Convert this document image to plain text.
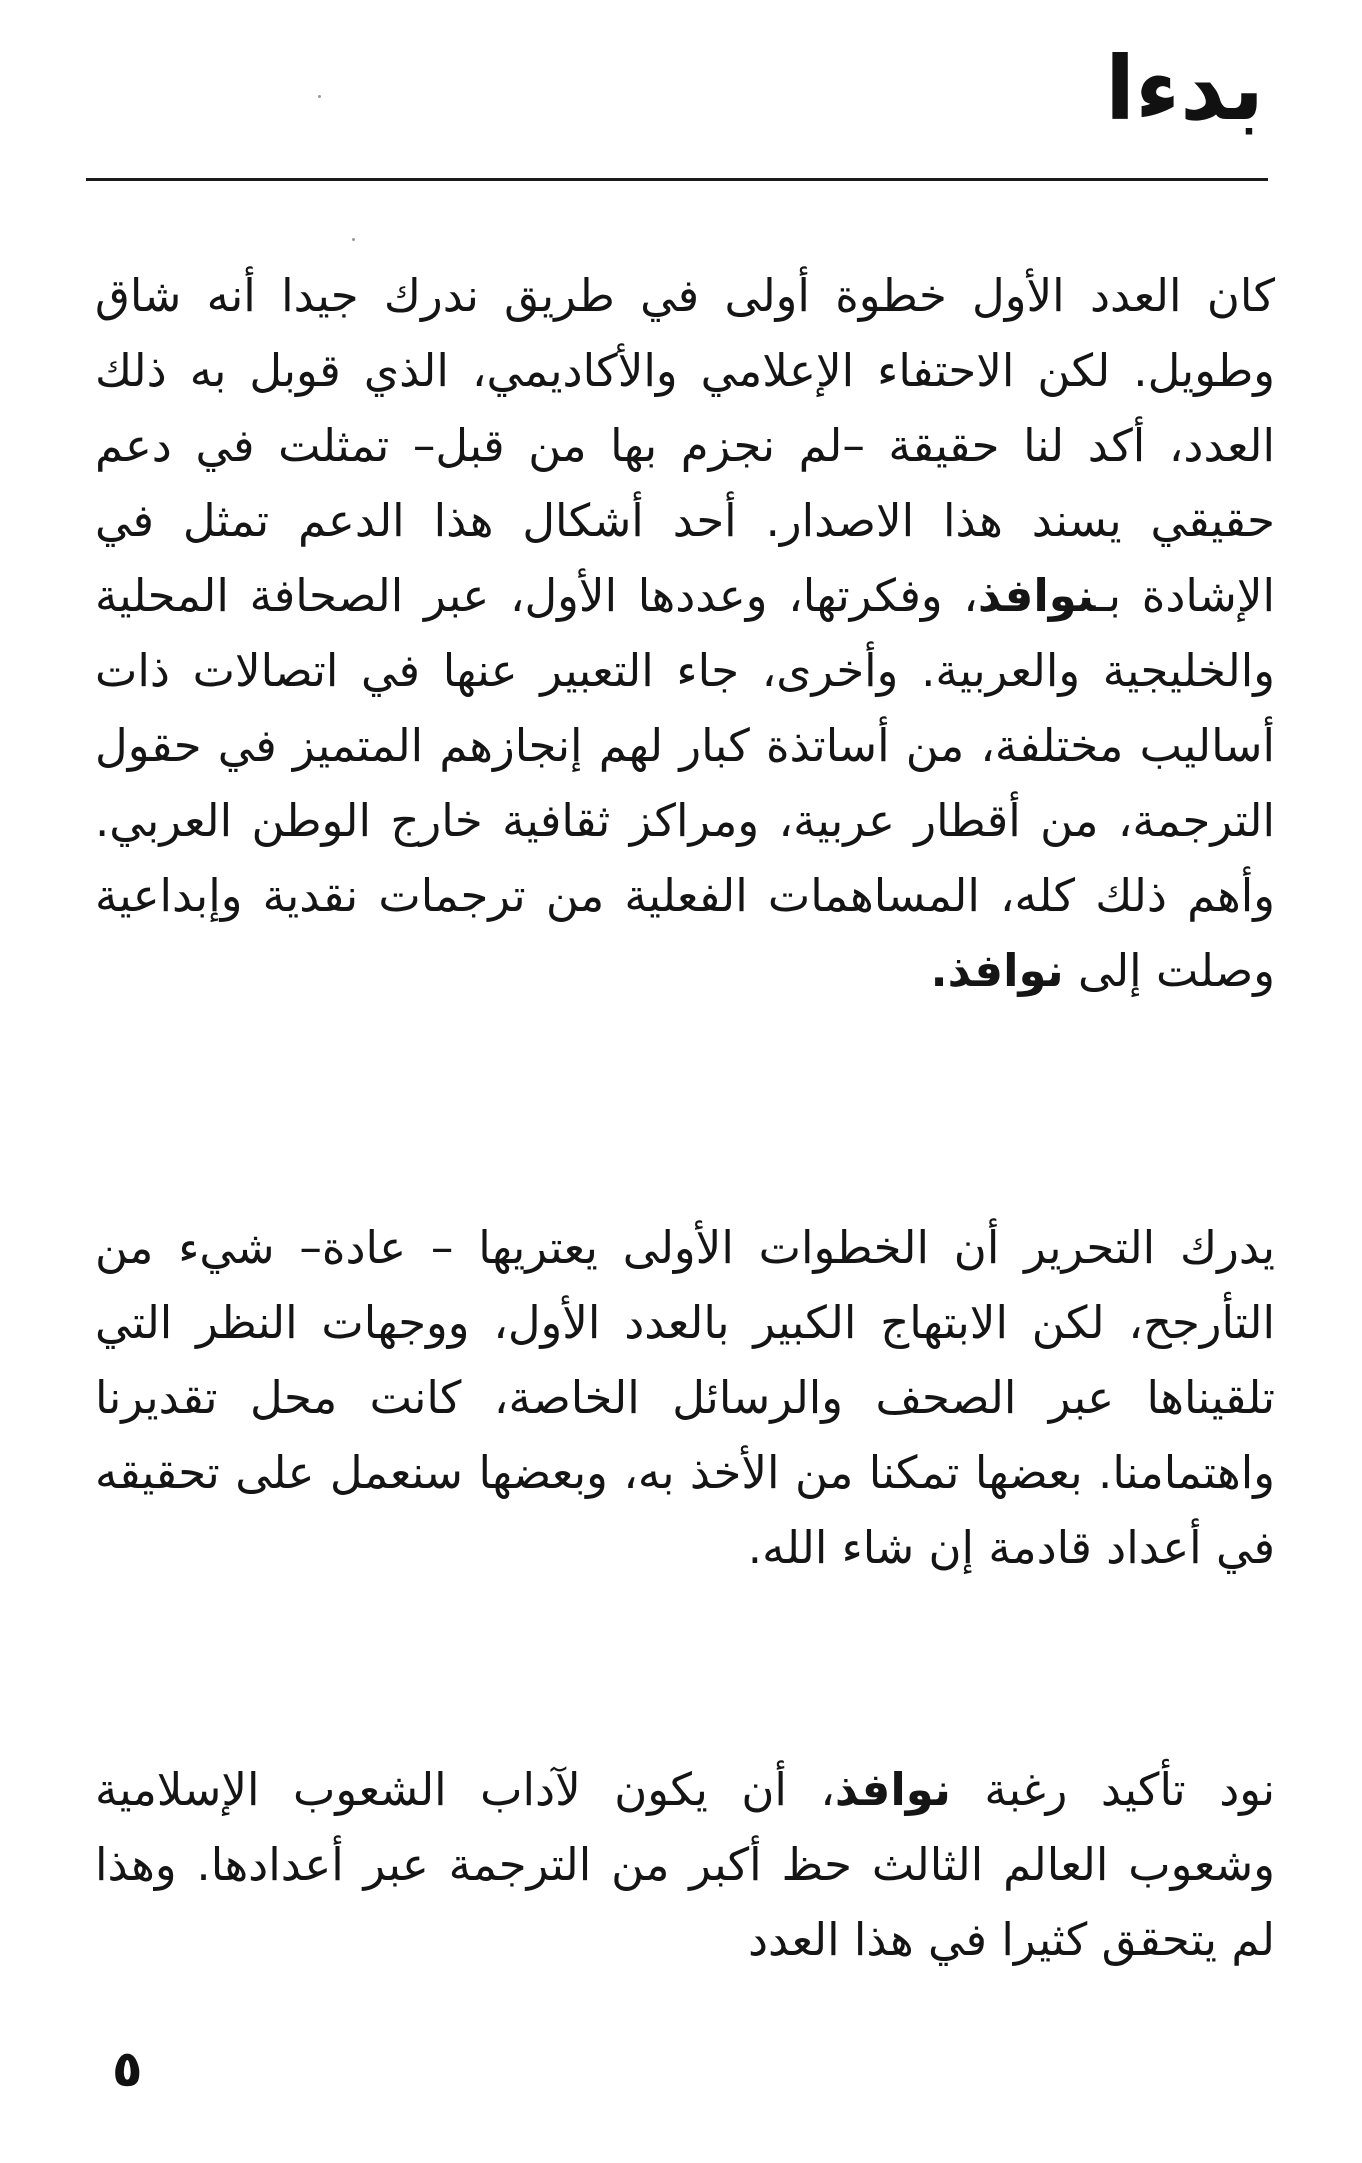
بدءا
كان العدد الأول خطوة أولى في طريق ندرك جيدا أنه شاق وطويل. لكن الاحتفاء الإعلامي والأكاديمي، الذي قوبل به ذلك العدد، أكد لنا حقيقة –لم نجزم بها من قبل– تمثلت في دعم حقيقي يسند هذا الاصدار. أحد أشكال هذا الدعم تمثل في الإشادة بـنوافذ، وفكرتها، وعددها الأول، عبر الصحافة المحلية والخليجية والعربية. وأخرى، جاء التعبير عنها في اتصالات ذات أساليب مختلفة، من أساتذة كبار لهم إنجازهم المتميز في حقول الترجمة، من أقطار عربية، ومراكز ثقافية خارج الوطن العربي. وأهم ذلك كله، المساهمات الفعلية من ترجمات نقدية وإبداعية وصلت إلى نوافذ.
يدرك التحرير أن الخطوات الأولى يعتريها – عادة– شيء من التأرجح، لكن الابتهاج الكبير بالعدد الأول، ووجهات النظر التي تلقيناها عبر الصحف والرسائل الخاصة، كانت محل تقديرنا واهتمامنا. بعضها تمكنا من الأخذ به، وبعضها سنعمل على تحقيقه في أعداد قادمة إن شاء الله.
نود تأكيد رغبة نوافذ، أن يكون لآداب الشعوب الإسلامية وشعوب العالم الثالث حظ أكبر من الترجمة عبر أعدادها. وهذا لم يتحقق كثيرا في هذا العدد
٥
